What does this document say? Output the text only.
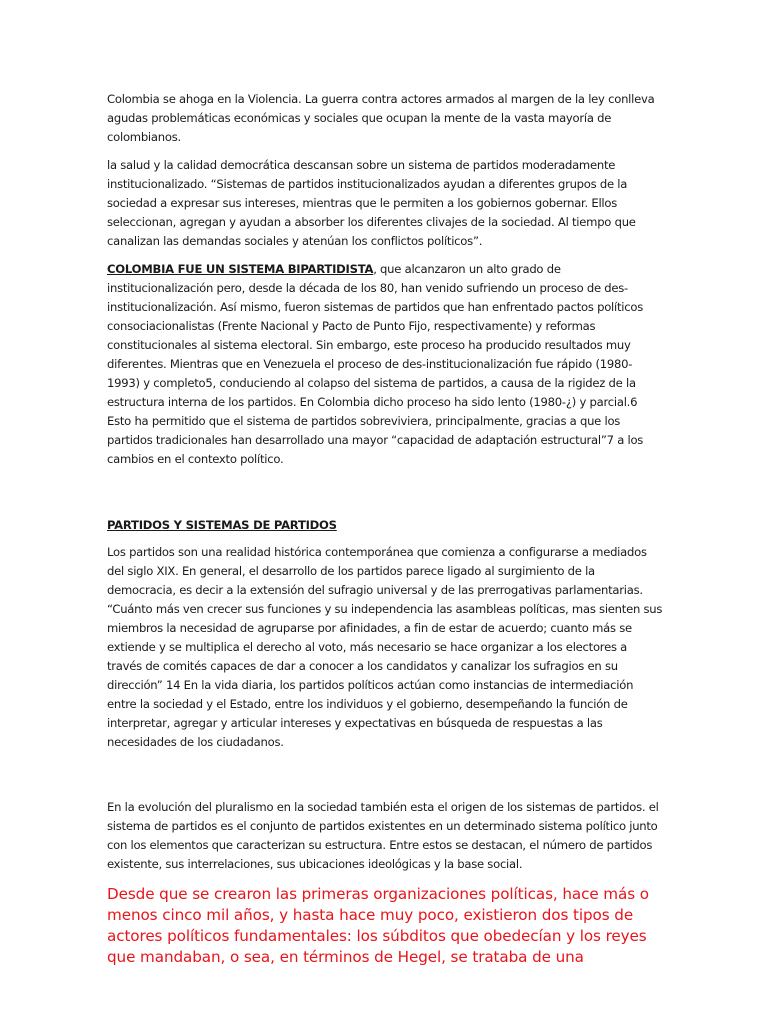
Colombia se ahoga en la Violencia. La guerra contra actores armados al margen de la ley conlleva agudas problemáticas económicas y sociales que ocupan la mente de la vasta mayoría de colombianos.

la salud y la calidad democrática descansan sobre un sistema de partidos moderadamente institucionalizado. “Sistemas de partidos institucionalizados ayudan a diferentes grupos de la sociedad a expresar sus intereses, mientras que le permiten a los gobiernos gobernar. Ellos seleccionan, agregan y ayudan a absorber los diferentes clivajes de la sociedad. Al tiempo que canalizan las demandas sociales y atenúan los conflictos políticos”.

COLOMBIA FUE UN SISTEMA BIPARTIDISTA, que alcanzaron un alto grado de institucionalización pero, desde la década de los 80, han venido sufriendo un proceso de des-institucionalización. Así mismo, fueron sistemas de partidos que han enfrentado pactos políticos consociacionalistas (Frente Nacional y Pacto de Punto Fijo, respectivamente) y reformas constitucionales al sistema electoral. Sin embargo, este proceso ha producido resultados muy diferentes. Mientras que en Venezuela el proceso de des-institucionalización fue rápido (1980-1993) y completo5, conduciendo al colapso del sistema de partidos, a causa de la rigidez de la estructura interna de los partidos. En Colombia dicho proceso ha sido lento (1980-¿) y parcial.6 Esto ha permitido que el sistema de partidos sobreviviera, principalmente, gracias a que los partidos tradicionales han desarrollado una mayor “capacidad de adaptación estructural”7 a los cambios en el contexto político.

PARTIDOS Y SISTEMAS DE PARTIDOS

Los partidos son una realidad histórica contemporánea que comienza a configurarse a mediados del siglo XIX. En general, el desarrollo de los partidos parece ligado al surgimiento de la democracia, es decir a la extensión del sufragio universal y de las prerrogativas parlamentarias. “Cuánto más ven crecer sus funciones y su independencia las asambleas políticas, mas sienten sus miembros la necesidad de agruparse por afinidades, a fin de estar de acuerdo; cuanto más se extiende y se multiplica el derecho al voto, más necesario se hace organizar a los electores a través de comités capaces de dar a conocer a los candidatos y canalizar los sufragios en su dirección” 14 En la vida diaria, los partidos políticos actúan como instancias de intermediación entre la sociedad y el Estado, entre los individuos y el gobierno, desempeñando la función de interpretar, agregar y articular intereses y expectativas en búsqueda de respuestas a las necesidades de los ciudadanos.

En la evolución del pluralismo en la sociedad también esta el origen de los sistemas de partidos. el sistema de partidos es el conjunto de partidos existentes en un determinado sistema político junto con los elementos que caracterizan su estructura. Entre estos se destacan, el número de partidos existente, sus interrelaciones, sus ubicaciones ideológicas y la base social.

Desde que se crearon las primeras organizaciones políticas, hace más o menos cinco mil años, y hasta hace muy poco, existieron dos tipos de actores políticos fundamentales: los súbditos que obedecían y los reyes que mandaban, o sea, en términos de Hegel, se trataba de una
